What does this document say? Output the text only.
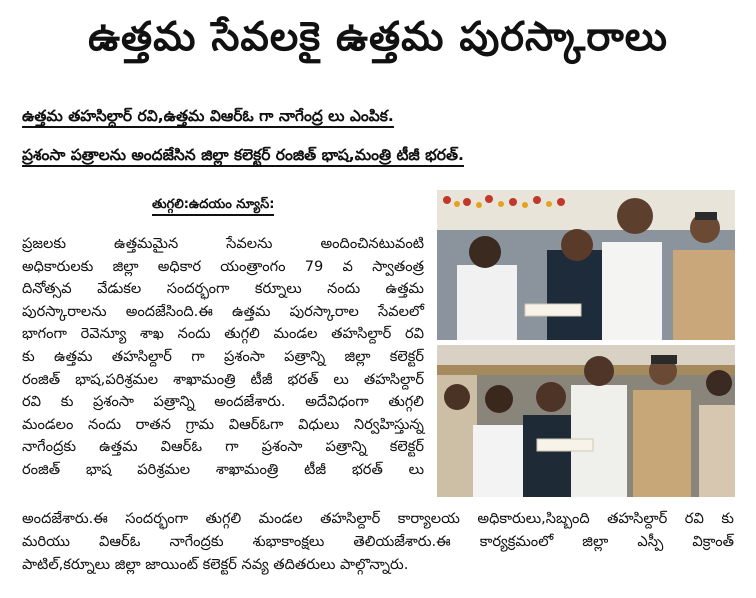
ఉత్తమ సేవలకై ఉత్తమ పురస్కారాలు
ఉత్తమ తహసిల్దార్ రవి,ఉత్తమ విఆర్ఓ గా నాగేంద్ర లు ఎంపిక.
ప్రశంసా పత్రాలను అందజేసిన జిల్లా కలెక్టర్ రంజిత్ భాష,మంత్రి టీజీ భరత్.
తుగ్గలి:ఉదయం న్యూస్:
ప్రజలకు ఉత్తమమైన సేవలను అందించినటువంటి
అధికారులకు జిల్లా అధికార యంత్రాంగం 79 వ స్వాతంత్ర
దినోత్సవ వేడుకల సందర్భంగా కర్నూలు నందు ఉత్తమ
పురస్కారాలను అందజేసింది.ఈ ఉత్తమ పురస్కారాల సేవలలో
భాగంగా రెవెన్యూ శాఖ నందు తుగ్గలి మండల తహసిల్దార్ రవి
కు ఉత్తమ తహసిల్దార్ గా ప్రశంసా పత్రాన్ని జిల్లా కలెక్టర్
రంజిత్ భాష,పరిశ్రమల శాఖామంత్రి టీజీ భరత్ లు తహసిల్దార్
రవి కు ప్రశంసా పత్రాన్ని అందజేశారు. అదేవిధంగా తుగ్గలి
మండలం నందు రాతన గ్రామ విఆర్ఓగా విధులు నిర్వహిస్తున్న
నాగేంద్రకు ఉత్తమ విఆర్ఓ గా ప్రశంసా పత్రాన్ని కలెక్టర్
రంజిత్ భాష పరిశ్రమల శాఖామంత్రి టీజీ భరత్ లు
అందజేశారు.ఈ సందర్భంగా తుగ్గలి మండల తహసిల్దార్ కార్యాలయ అధికారులు,సిబ్బంది తహసిల్దార్ రవి కు
మరియు విఆర్ఓ నాగేంద్రకు శుభాకాంక్షలు తెలియజేశారు.ఈ కార్యక్రమంలో జిల్లా ఎస్పీ విక్రాంత్
పాటిల్,కర్నూలు జిల్లా జాయింట్ కలెక్టర్ నవ్య తదితరులు పాల్గొన్నారు.
